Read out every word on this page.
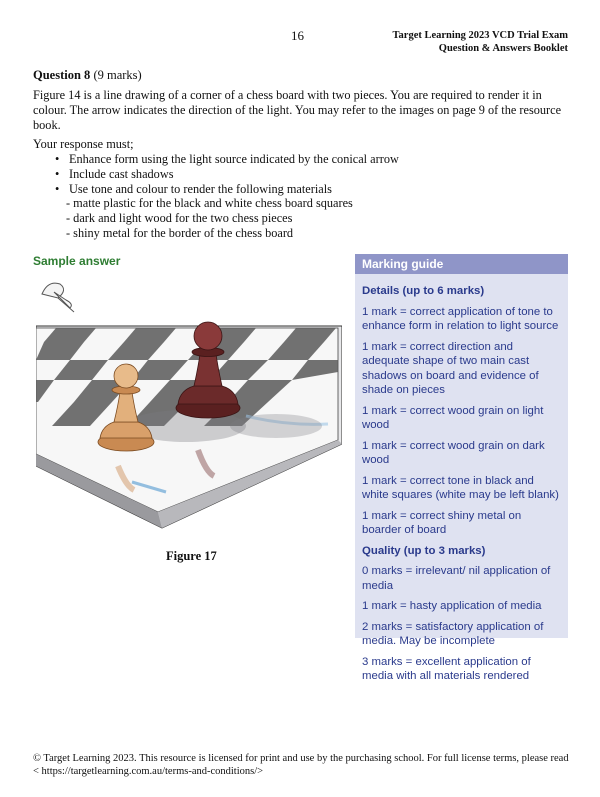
16	Target Learning 2023 VCD Trial Exam
Question & Answers Booklet
Question 8 (9 marks)
Figure 14 is a line drawing of a corner of a chess board with two pieces. You are required to render it in colour. The arrow indicates the direction of the light. You may refer to the images on page 9 of the resource book.
Your response must;
• Enhance form using the light source indicated by the conical arrow
• Include cast shadows
• Use tone and colour to render the following materials
- matte plastic for the black and white chess board squares
- dark and light wood for the two chess pieces
- shiny metal for the border of the chess board
Sample answer
Figure 17
Marking guide
Details (up to 6 marks)
1 mark = correct application of tone to enhance form in relation to light source
1 mark = correct direction and adequate shape of two main cast shadows on board and evidence of shade on pieces
1 mark = correct wood grain on light wood
1 mark = correct wood grain on dark wood
1 mark = correct tone in black and white squares (white may be left blank)
1 mark = correct shiny metal on boarder of board
Quality (up to 3 marks)
0 marks = irrelevant/ nil application of media
1 mark = hasty application of media
2 marks = satisfactory application of media. May be incomplete
3 marks = excellent application of media with all materials rendered
© Target Learning 2023. This resource is licensed for print and use by the purchasing school. For full license terms, please read
< https://targetlearning.com.au/terms-and-conditions/>
